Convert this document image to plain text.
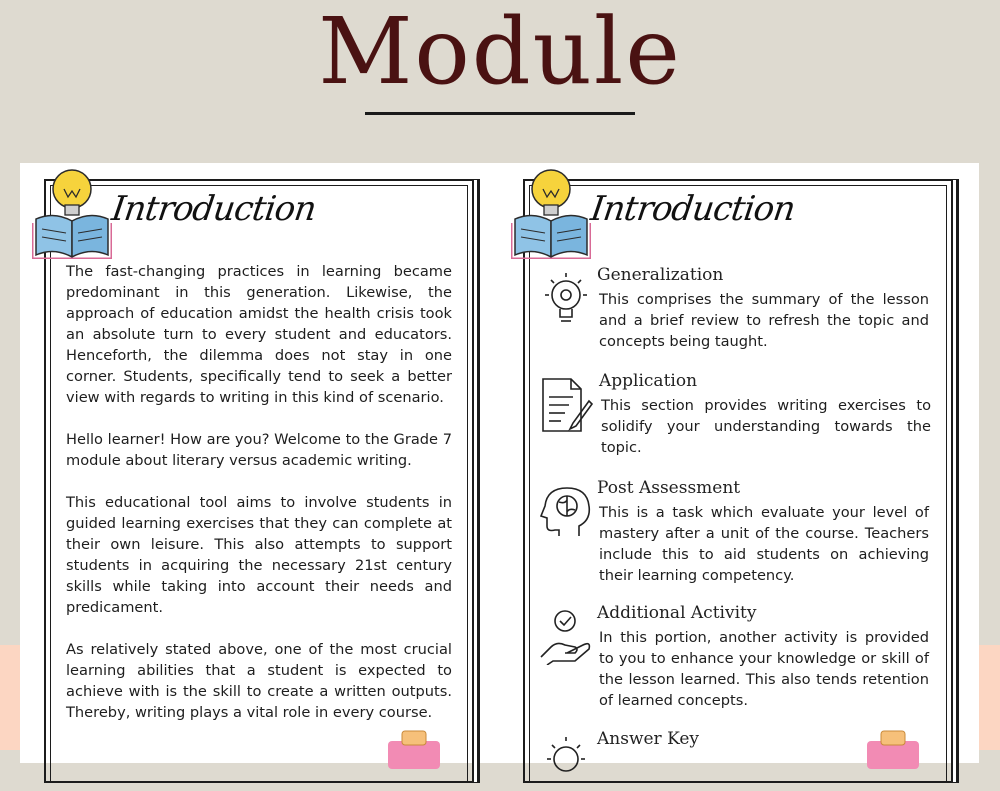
Module
Introduction

The fast-changing practices in learning became predominant in this generation. Likewise, the approach of education amidst the health crisis took an absolute turn to every student and educators. Henceforth, the dilemma does not stay in one corner. Students, specifically tend to seek a better view with regards to writing in this kind of scenario.

Hello learner! How are you? Welcome to the Grade 7 module about literary versus academic writing.

This educational tool aims to involve students in guided learning exercises that they can complete at their own leisure. This also attempts to support students in acquiring the necessary 21st century skills while taking into account their needs and predicament.

As relatively stated above, one of the most crucial learning abilities that a student is expected to achieve with is the skill to create a written outputs. Thereby, writing plays a vital role in every course.

Introduction
Generalization
This comprises the summary of the lesson and a brief review to refresh the topic and concepts being taught.
Application
This section provides writing exercises to solidify your understanding towards the topic.
Post Assessment
This is a task which evaluate your level of mastery after a unit of the course. Teachers include this to aid students on achieving their learning competency.
Additional Activity
In this portion, another activity is provided to you to enhance your knowledge or skill of the lesson learned. This also tends retention of learned concepts.
Answer Key
